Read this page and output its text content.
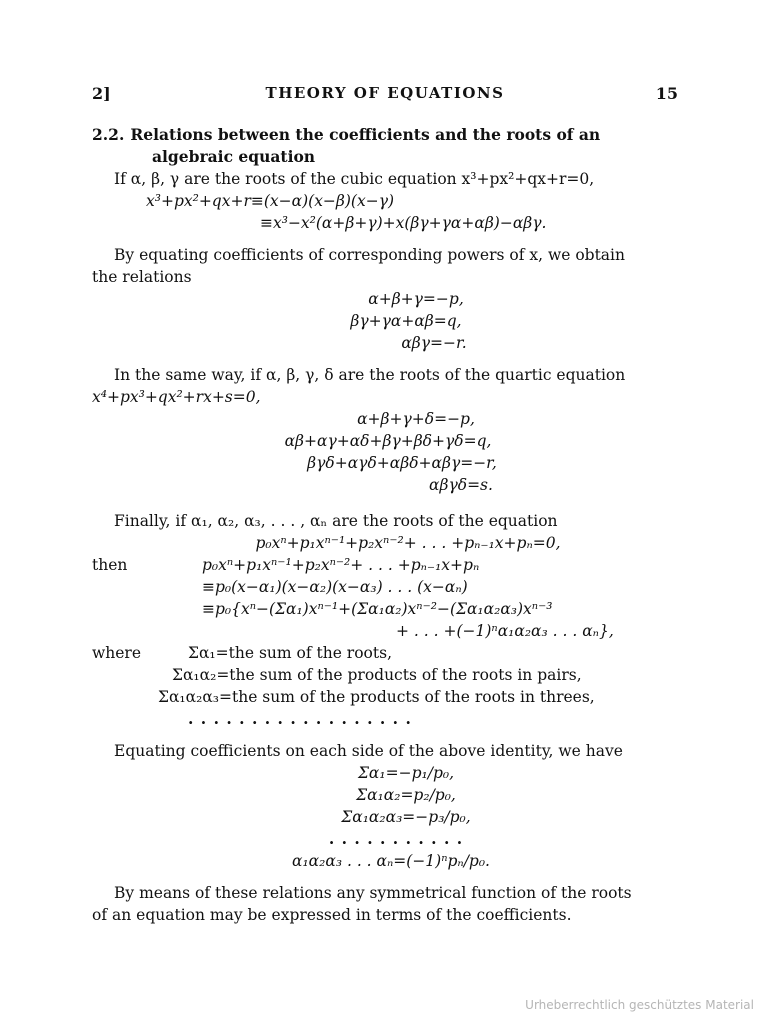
2]	THEORY OF EQUATIONS	15
2.2. Relations between the coefficients and the roots of an
algebraic equation

If α, β, γ are the roots of the cubic equation x³+px²+qx+r=0,

x³+px²+qx+r≡(x−α)(x−β)(x−γ)
≡x³−x²(α+β+γ)+x(βγ+γα+αβ)−αβγ.

By equating coefficients of corresponding powers of x, we obtain

the relations

α+β+γ=−p,
βγ+γα+αβ=q,
αβγ=−r.

In the same way, if α, β, γ, δ are the roots of the quartic equation

x⁴+px³+qx²+rx+s=0,
α+β+γ+δ=−p,
αβ+αγ+αδ+βγ+βδ+γδ=q,
βγδ+αγδ+αβδ+αβγ=−r,
αβγδ=s.

Finally, if α₁, α₂, α₃, . . . , αₙ are the roots of the equation

p₀xⁿ+p₁xⁿ⁻¹+p₂xⁿ⁻²+ . . . +pₙ₋₁x+pₙ=0,
then	p₀xⁿ+p₁xⁿ⁻¹+p₂xⁿ⁻²+ . . . +pₙ₋₁x+pₙ
≡p₀(x−α₁)(x−α₂)(x−α₃) . . . (x−αₙ)
≡p₀{xⁿ−(Σα₁)xⁿ⁻¹+(Σα₁α₂)xⁿ⁻²−(Σα₁α₂α₃)xⁿ⁻³
+ . . . +(−1)ⁿα₁α₂α₃ . . . αₙ},
where	Σα₁=the sum of the roots,
Σα₁α₂=the sum of the products of the roots in pairs,
Σα₁α₂α₃=the sum of the products of the roots in threes,
. . . . . . . . . . . . . . . . . .

Equating coefficients on each side of the above identity, we have

Σα₁=−p₁/p₀,
Σα₁α₂=p₂/p₀,
Σα₁α₂α₃=−p₃/p₀,
. . . . . . . . . . .
α₁α₂α₃ . . . αₙ=(−1)ⁿpₙ/p₀.

By means of these relations any symmetrical function of the roots

of an equation may be expressed in terms of the coefficients.

Urheberrechtlich geschütztes Material
